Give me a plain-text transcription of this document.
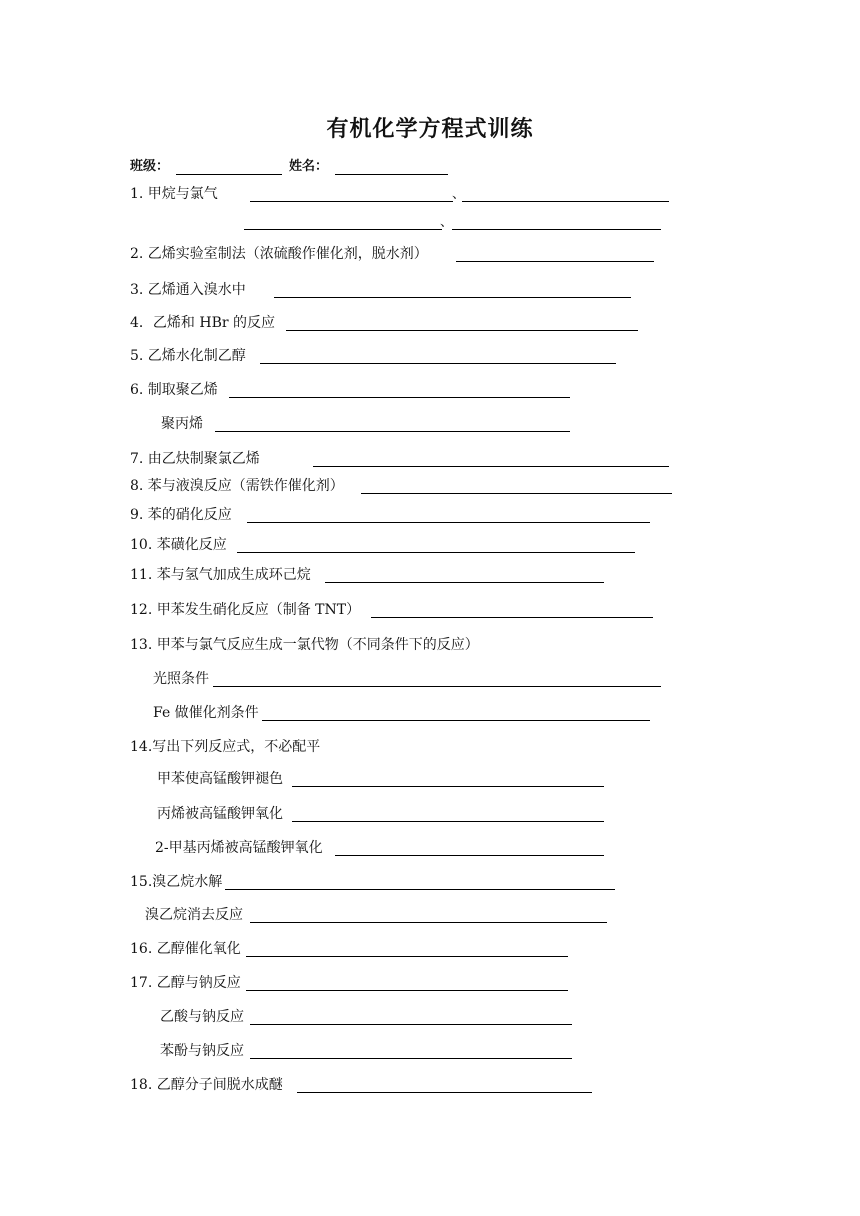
有机化学方程式训练
班级：	姓名：
1. 甲烷与氯气	、
、
2. 乙烯实验室制法（浓硫酸作催化剂，脱水剂）
3. 乙烯通入溴水中
4．乙烯和 HBr 的反应
5. 乙烯水化制乙醇
6. 制取聚乙烯
聚丙烯
7. 由乙炔制聚氯乙烯
8. 苯与液溴反应（需铁作催化剂）
9. 苯的硝化反应
10. 苯磺化反应
11. 苯与氢气加成生成环己烷
12. 甲苯发生硝化反应（制备 TNT）
13. 甲苯与氯气反应生成一氯代物（不同条件下的反应）
光照条件
Fe 做催化剂条件
14.写出下列反应式，不必配平
甲苯使高锰酸钾褪色
丙烯被高锰酸钾氧化
2-甲基丙烯被高锰酸钾氧化
15.溴乙烷水解
溴乙烷消去反应
16. 乙醇催化氧化
17. 乙醇与钠反应
乙酸与钠反应
苯酚与钠反应
18. 乙醇分子间脱水成醚
